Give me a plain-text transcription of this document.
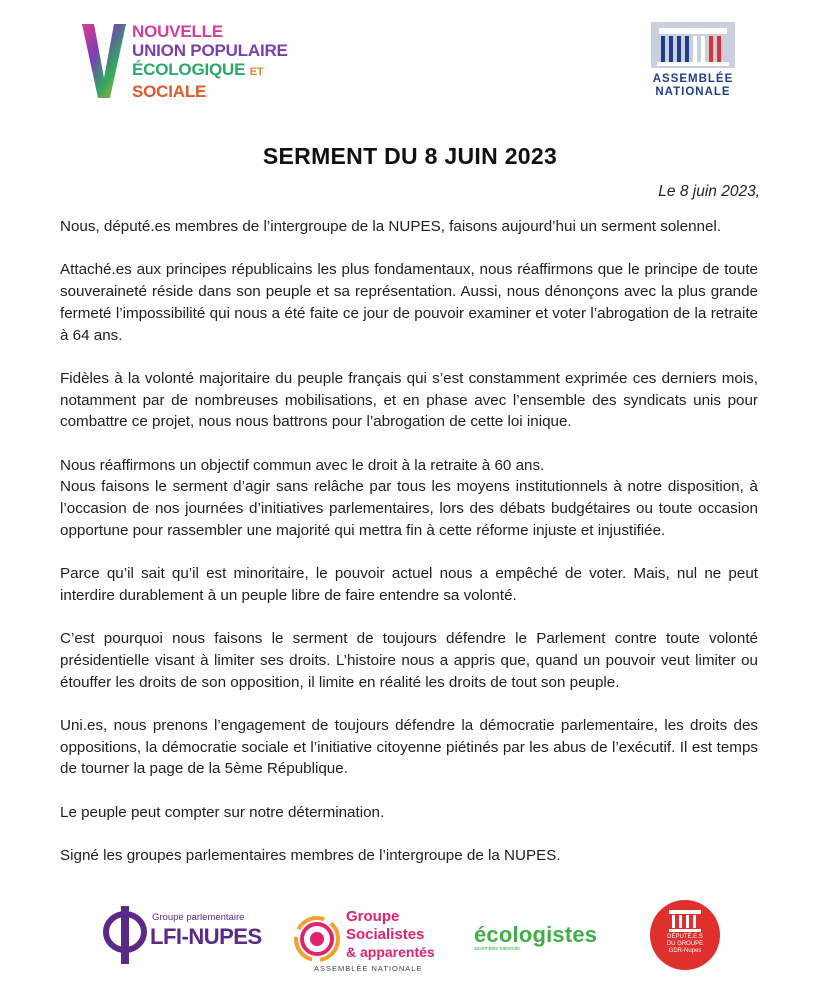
NOUVELLE
UNION POPULAIRE
ÉCOLOGIQUE ET SOCIALE
ASSEMBLÉE
NATIONALE
SERMENT DU 8 JUIN 2023
Le 8 juin 2023,

Nous, député.es membres de l’intergroupe de la NUPES, faisons aujourd’hui un serment solennel.

Attaché.es aux principes républicains les plus fondamentaux, nous réaffirmons que le principe de toute souveraineté réside dans son peuple et sa représentation. Aussi, nous dénonçons avec la plus grande fermeté l’impossibilité qui nous a été faite ce jour de pouvoir examiner et voter l’abrogation de la retraite à 64 ans.

Fidèles à la volonté majoritaire du peuple français qui s’est constamment exprimée ces derniers mois, notamment par de nombreuses mobilisations, et en phase avec l’ensemble des syndicats unis pour combattre ce projet, nous nous battrons pour l’abrogation de cette loi inique.

Nous réaffirmons un objectif commun avec le droit à la retraite à 60 ans.

Nous faisons le serment d’agir sans relâche par tous les moyens institutionnels à notre disposition, à l’occasion de nos journées d’initiatives parlementaires, lors des débats budgétaires ou toute occasion opportune pour rassembler une majorité qui mettra fin à cette réforme injuste et injustifiée.

Parce qu’il sait qu’il est minoritaire, le pouvoir actuel nous a empêché de voter. Mais, nul ne peut interdire durablement à un peuple libre de faire entendre sa volonté.

C’est pourquoi nous faisons le serment de toujours défendre le Parlement contre toute volonté présidentielle visant à limiter ses droits. L’histoire nous a appris que, quand un pouvoir veut limiter ou étouffer les droits de son opposition, il limite en réalité les droits de tout son peuple.

Uni.es, nous prenons l’engagement de toujours défendre la démocratie parlementaire, les droits des oppositions, la démocratie sociale et l’initiative citoyenne piétinés par les abus de l’exécutif. Il est temps de tourner la page de la 5ème République.

Le peuple peut compter sur notre détermination.

Signé les groupes parlementaires membres de l’intergroupe de la NUPES.

Groupe parlementaire
LFI-NUPES
Groupe
Socialistes
& apparentés
ASSEMBLÉE NATIONALE
écologistes
assemblée nationale
DÉPUTÉ.E.S
DU GROUPE
GDR-Nupes
